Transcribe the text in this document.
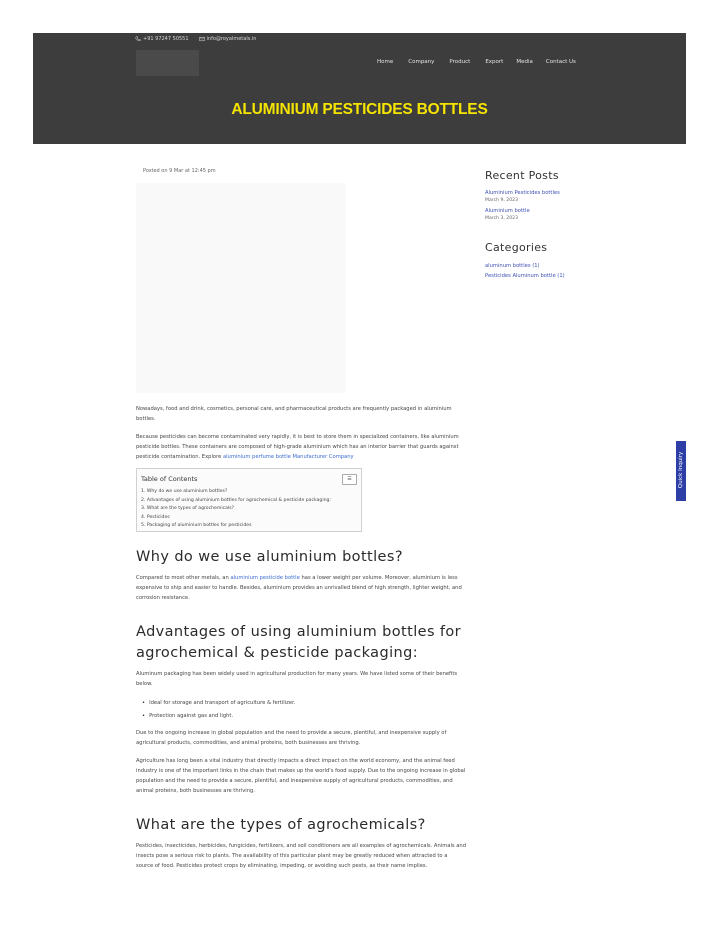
+91 97247 50551	info@royalmetals.in
Home	Company	Product	Export Media Contact Us
ALUMINIUM PESTICIDES BOTTLES
Posted on 9 Mar at 12:45 pm
Nowadays, food and drink, cosmetics, personal care, and pharmaceutical products are frequently packaged in aluminium bottles.
Because pesticides can become contaminated very rapidly, it is best to store them in specialized containers, like aluminium pesticide bottles. These containers are composed of high-grade aluminium which has an interior barrier that guards against pesticide contamination. Explore aluminium perfume bottle Manufacturer Company
Table of Contents	☰
1. Why do we use aluminium bottles?
2. Advantages of using aluminium bottles for agrochemical & pesticide packaging:
3. What are the types of agrochemicals?
4. Pesticides
5. Packaging of aluminium bottles for pesticides
Why do we use aluminium bottles?
Compared to most other metals, an aluminium pesticide bottle has a lower weight per volume. Moreover, aluminium is less expensive to ship and easier to handle. Besides, aluminium provides an unrivalled blend of high strength, lighter weight, and corrosion resistance.
Advantages of using aluminium bottles for
agrochemical & pesticide packaging:
Aluminum packaging has been widely used in agricultural production for many years. We have listed some of their benefits below.
• Ideal for storage and transport of agriculture & fertilizer.
• Protection against gas and light.
Due to the ongoing increase in global population and the need to provide a secure, plentiful, and inexpensive supply of agricultural products, commodities, and animal proteins, both businesses are thriving.
Agriculture has long been a vital industry that directly impacts a direct impact on the world economy, and the animal feed industry is one of the important links in the chain that makes up the world's food supply. Due to the ongoing increase in global population and the need to provide a secure, plentiful, and inexpensive supply of agricultural products, commodities, and animal proteins, both businesses are thriving.
What are the types of agrochemicals?
Pesticides, insecticides, herbicides, fungicides, fertilizers, and soil conditioners are all examples of agrochemicals. Animals and insects pose a serious risk to plants. The availability of this particular plant may be greatly reduced when attracted to a source of food. Pesticides protect crops by eliminating, impeding, or avoiding such pests, as their name implies.
Recent Posts
Aluminium Pesticides bottles
March 9, 2023
Aluminium bottle
March 3, 2023
Categories
aluminum bottles (1)
Pesticides Aluminum bottle (1)
Quick Inquiry
